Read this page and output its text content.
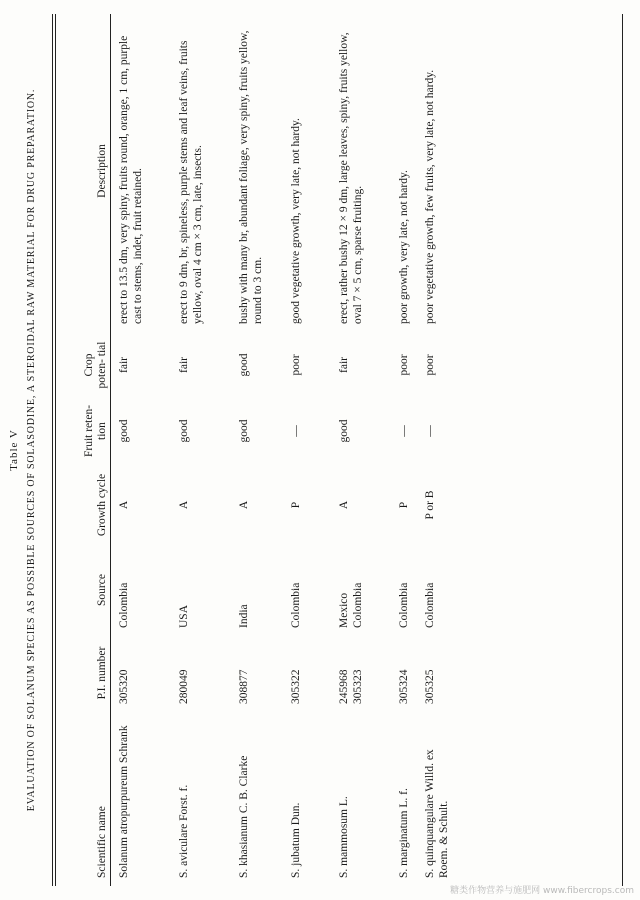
Table V EVALUATION OF SOLANUM SPECIES AS POSSIBLE SOURCES OF SOLASODINE, A STEROIDAL RAW MATERIAL FOR DRUG PREPARATION.
Scientific name
P.I. number
Source
Growth cycle
Fruit reten- tion
Crop poten- tial
Description
Solanum atropurpureum Schrank
305320
Colombia
A
good
fair
erect to 13.5 dm, very spiny, fruits round, orange, 1 cm, purple cast to stems, indet, fruit retained.
S. aviculare Forst. f.
280049
USA
A
good
fair
erect to 9 dm, br, spineless, purple stems and leaf veins, fruits yellow, oval 4 cm × 3 cm, late, insects.
S. khasianum C. B. Clarke
308877
India
A
good
good
bushy with many br, abundant foliage, very spiny, fruits yellow, round to 3 cm.
S. jubatum Dun.
305322
Colombia
P
—
poor
good vegetative growth, very late, not hardy.
S. mammosum L.
245968
305323
Mexico
Colombia
A
good
fair
erect, rather bushy 12 × 9 dm, large leaves, spiny, fruits yellow, oval 7 × 5 cm, sparse fruiting.
S. marginatum L. f.
305324
Colombia
P
—
poor
poor growth, very late, not hardy.
S. quinquangulare Willd. ex Roem. & Schult.
305325
Colombia
P or B
—
poor
poor vegetative growth, few fruits, very late, not hardy.
糖类作物营养与施肥网 www.fibercrops.com
